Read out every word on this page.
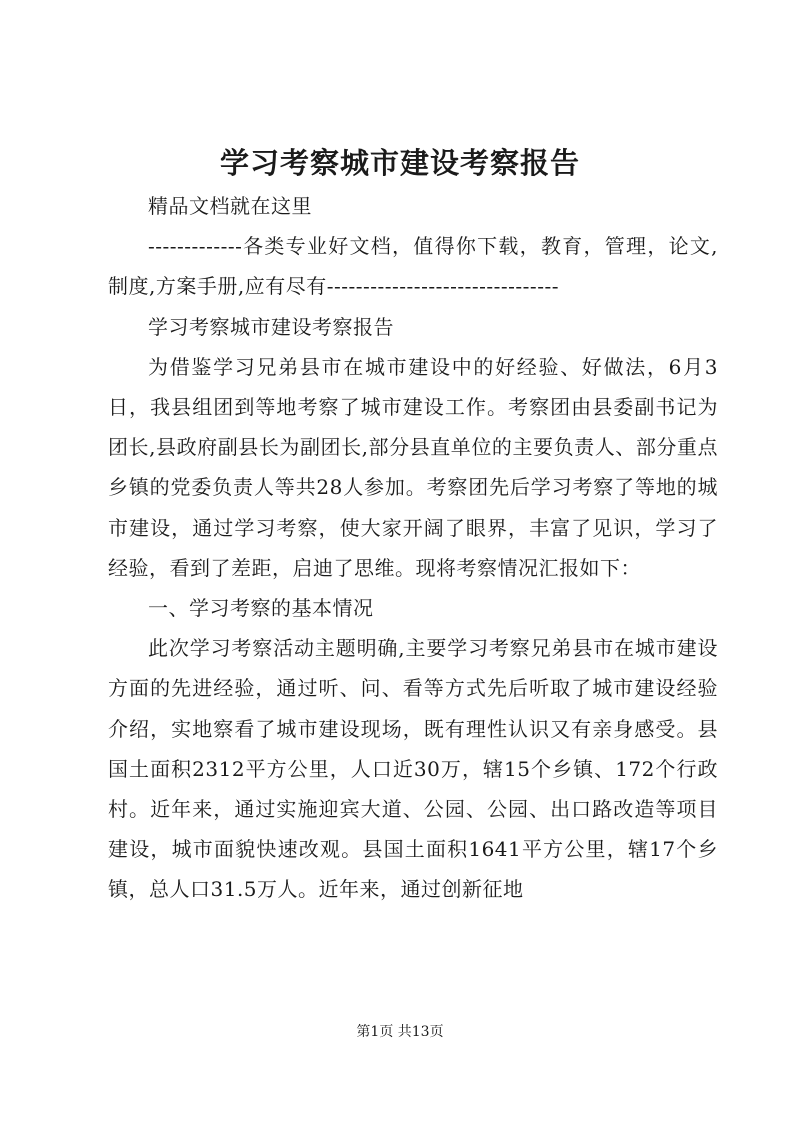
学习考察城市建设考察报告

精品文档就在这里

-------------各类专业好文档，值得你下载，教育，管理，论文,制度,方案手册,应有尽有--------------------------------

学习考察城市建设考察报告

为借鉴学习兄弟县市在城市建设中的好经验、好做法，6月3日，我县组团到等地考察了城市建设工作。考察团由县委副书记为团长,县政府副县长为副团长,部分县直单位的主要负责人、部分重点乡镇的党委负责人等共28人参加。考察团先后学习考察了等地的城市建设，通过学习考察，使大家开阔了眼界，丰富了见识，学习了经验，看到了差距，启迪了思维。现将考察情况汇报如下：

一、学习考察的基本情况

此次学习考察活动主题明确,主要学习考察兄弟县市在城市建设方面的先进经验，通过听、问、看等方式先后听取了城市建设经验介绍，实地察看了城市建设现场，既有理性认识又有亲身感受。县国土面积2312平方公里，人口近30万，辖15个乡镇、172个行政村。近年来，通过实施迎宾大道、公园、公园、出口路改造等项目建设，城市面貌快速改观。县国土面积1641平方公里，辖17个乡镇，总人口31.5万人。近年来，通过创新征地

第1页 共13页
